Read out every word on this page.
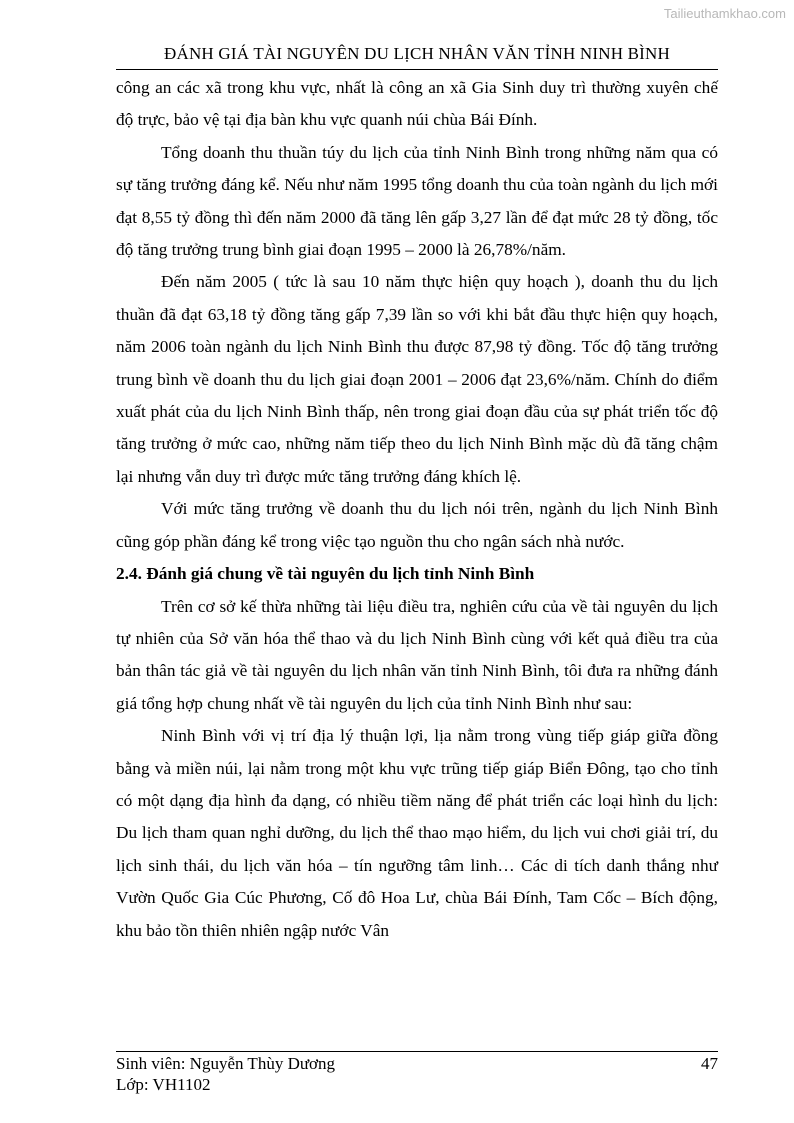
Tailieuthamkhao.com
ĐÁNH GIÁ TÀI NGUYÊN DU LỊCH NHÂN VĂN TỈNH NINH BÌNH

công an các xã trong khu vực, nhất là công an xã Gia Sinh duy trì thường xuyên chế độ trực, bảo vệ tại địa bàn khu vực quanh núi chùa Bái Đính.

Tổng doanh thu thuần túy du lịch của tỉnh Ninh Bình trong những năm qua có sự tăng trưởng đáng kể. Nếu như năm 1995 tổng doanh thu của toàn ngành du lịch mới đạt 8,55 tỷ đồng thì đến năm 2000 đã tăng lên gấp 3,27 lần để đạt mức 28 tỷ đồng, tốc độ tăng trưởng trung bình giai đoạn 1995 – 2000 là 26,78%/năm.

Đến năm 2005 ( tức là sau 10 năm thực hiện quy hoạch ), doanh thu du lịch thuần đã đạt 63,18 tỷ đồng tăng gấp 7,39 lần so với khi bắt đầu thực hiện quy hoạch, năm 2006 toàn ngành du lịch Ninh Bình thu được 87,98 tỷ đồng. Tốc độ tăng trưởng trung bình về doanh thu du lịch giai đoạn 2001 – 2006 đạt 23,6%/năm. Chính do điểm xuất phát của du lịch Ninh Bình thấp, nên trong giai đoạn đầu của sự phát triển tốc độ tăng trưởng ở mức cao, những năm tiếp theo du lịch Ninh Bình mặc dù đã tăng chậm lại nhưng vẫn duy trì được mức tăng trưởng đáng khích lệ.

Với mức tăng trưởng về doanh thu du lịch nói trên, ngành du lịch Ninh Bình cũng góp phần đáng kể trong việc tạo nguồn thu cho ngân sách nhà nước.

2.4. Đánh giá chung về tài nguyên du lịch tỉnh Ninh Bình

Trên cơ sở kế thừa những tài liệu điều tra, nghiên cứu của về tài nguyên du lịch tự nhiên của Sở văn hóa thể thao và du lịch Ninh Bình cùng với kết quả điều tra của bản thân tác giả về tài nguyên du lịch nhân văn tỉnh Ninh Bình, tôi đưa ra những đánh giá tổng hợp chung nhất về tài nguyên du lịch của tỉnh Ninh Bình như sau:

Ninh Bình với vị trí địa lý thuận lợi, lịa nằm trong vùng tiếp giáp giữa đồng bằng và miền núi, lại nằm trong một khu vực trũng tiếp giáp Biển Đông, tạo cho tỉnh có một dạng địa hình đa dạng, có nhiều tiềm năng để phát triển các loại hình du lịch: Du lịch tham quan nghỉ dưỡng, du lịch thể thao mạo hiểm, du lịch vui chơi giải trí, du lịch sinh thái, du lịch văn hóa – tín ngưỡng tâm linh… Các di tích danh thắng như Vườn Quốc Gia Cúc Phương, Cố đô Hoa Lư, chùa Bái Đính, Tam Cốc – Bích động, khu bảo tồn thiên nhiên ngập nước Vân

Sinh viên: Nguyễn Thùy Dương
Lớp: VH1102
47
